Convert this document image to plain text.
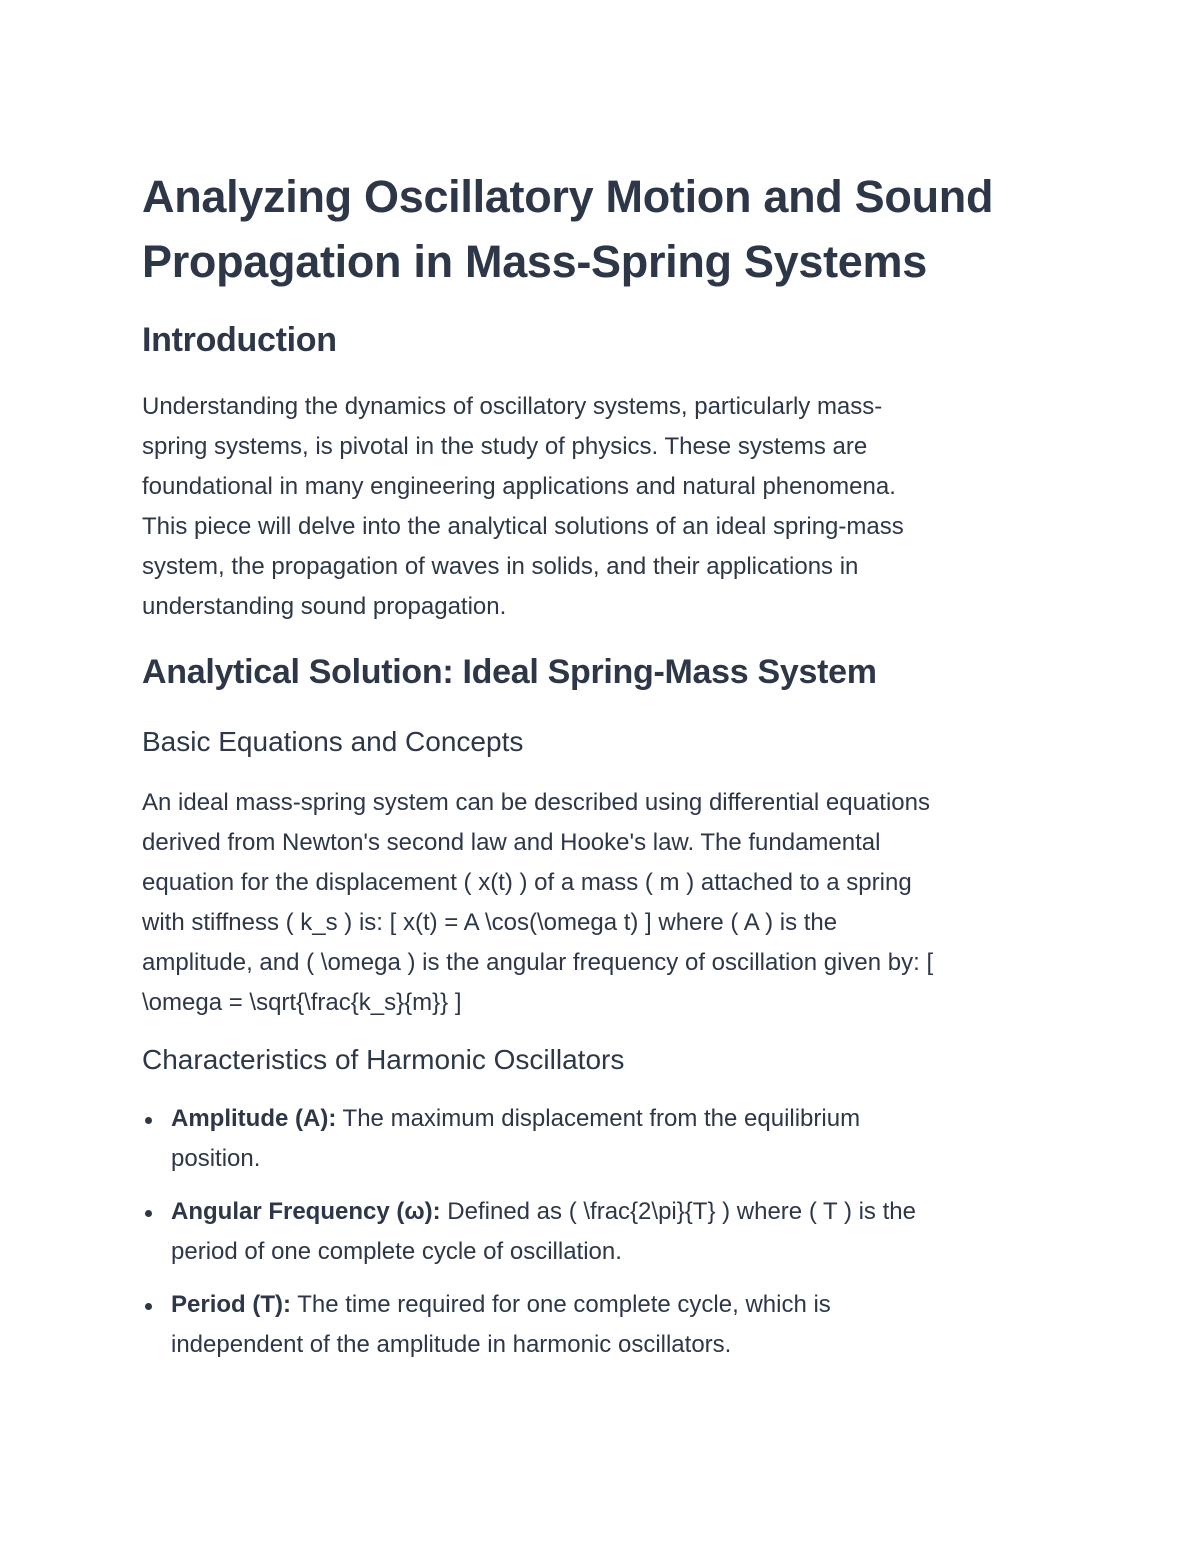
Analyzing Oscillatory Motion and Sound
Propagation in Mass-Spring Systems
Introduction
Understanding the dynamics of oscillatory systems, particularly mass-
spring systems, is pivotal in the study of physics. These systems are
foundational in many engineering applications and natural phenomena.
This piece will delve into the analytical solutions of an ideal spring-mass
system, the propagation of waves in solids, and their applications in
understanding sound propagation.
Analytical Solution: Ideal Spring-Mass System
Basic Equations and Concepts
An ideal mass-spring system can be described using differential equations
derived from Newton's second law and Hooke's law. The fundamental
equation for the displacement ( x(t) ) of a mass ( m ) attached to a spring
with stiffness ( k_s ) is: [ x(t) = A \cos(\omega t) ] where ( A ) is the
amplitude, and ( \omega ) is the angular frequency of oscillation given by: [
\omega = \sqrt{\frac{k_s}{m}} ]
Characteristics of Harmonic Oscillators
Amplitude (A): The maximum displacement from the equilibrium
position.
Angular Frequency (ω): Defined as ( \frac{2\pi}{T} ) where ( T ) is the
period of one complete cycle of oscillation.
Period (T): The time required for one complete cycle, which is
independent of the amplitude in harmonic oscillators.
